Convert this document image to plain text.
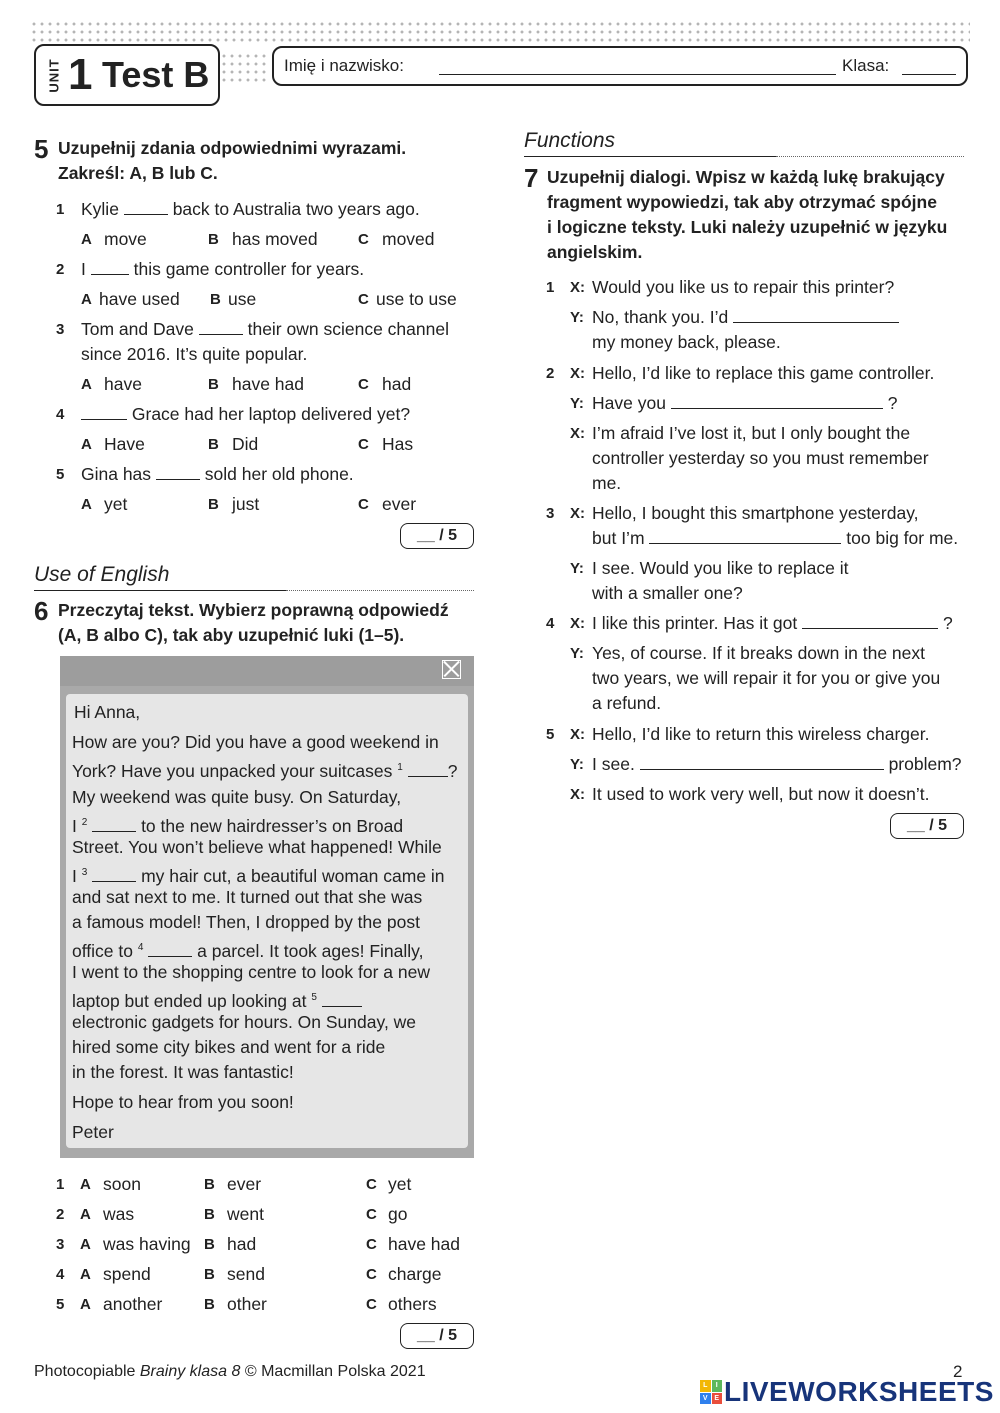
UNIT 1 Test B	Imię i nazwisko:	Klasa:
5 Uzupełnij zdania odpowiednimi wyrazami.
Zakreśl: A, B lub C.
1 Kylie	back to Australia two years ago.
A move	B has moved	C moved
2 I	this game controller for years.
A have used B use	C use to use
3 Tom and Dave	their own science channel
since 2016. It’s quite popular.
A have	B have had	C had
4	Grace had her laptop delivered yet?
A Have	B Did	C Has
5 Gina has	sold her old phone.
A yet	B just	C ever
__ / 5
Use of English
6 Przeczytaj tekst. Wybierz poprawną odpowiedź
(A, B albo C), tak aby uzupełnić luki (1–5).
Hi Anna,
How are you? Did you have a good weekend in
York? Have you unpacked your suitcases $^1$	?
My weekend was quite busy. On Saturday,
I $^2$	to the new hairdresser’s on Broad
Street. You won’t believe what happened! While
I $^3$	my hair cut, a beautiful woman came in
and sat next to me. It turned out that she was
a famous model! Then, I dropped by the post
office to $^4$	a parcel. It took ages! Finally,
I went to the shopping centre to look for a new
laptop but ended up looking at $^5$
electronic gadgets for hours. On Sunday, we
hired some city bikes and went for a ride
in the forest. It was fantastic!
Hope to hear from you soon!
Peter
1 A soon	B ever	C yet
2 A was	B went	C go
3 A was having B had	C have had
4 A spend	B send	C charge
5 A another	B other	C others
__ / 5
Functions
7 Uzupełnij dialogi. Wpisz w każdą lukę brakujący
fragment wypowiedzi, tak aby otrzymać spójne
i logiczne teksty. Luki należy uzupełnić w języku
angielskim.
1 X: Would you like us to repair this printer?
Y: No, thank you. I’d
my money back, please.
2 X: Hello, I’d like to replace this game controller.
Y: Have you	?
X: I’m afraid I’ve lost it, but I only bought the
controller yesterday so you must remember
me.
3 X: Hello, I bought this smartphone yesterday,
but I’m	too big for me.
Y: I see. Would you like to replace it
with a smaller one?
4 X: I like this printer. Has it got	?
Y: Yes, of course. If it breaks down in the next
two years, we will repair it for you or give you
a refund.
5 X: Hello, I’d like to return this wireless charger.
Y: I see.	problem?
X: It used to work very well, but now it doesn’t.
__ / 5
Photocopiable Brainy klasa 8 © Macmillan Polska 2021	2
L	I
V E LIVEWORKSHEETS
